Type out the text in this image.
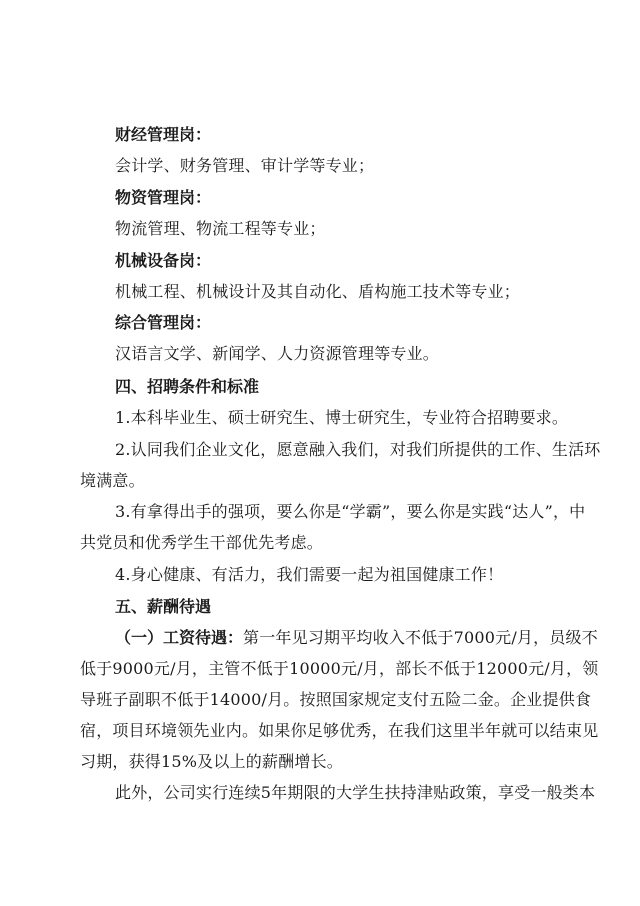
财经管理岗：
会计学、财务管理、审计学等专业；
物资管理岗：
物流管理、物流工程等专业；
机械设备岗：
机械工程、机械设计及其自动化、盾构施工技术等专业；
综合管理岗：
汉语言文学、新闻学、人力资源管理等专业。
四、招聘条件和标准
1.本科毕业生、硕士研究生、博士研究生，专业符合招聘要求。
2.认同我们企业文化，愿意融入我们，对我们所提供的工作、生活环
境满意。
3.有拿得出手的强项，要么你是“学霸”，要么你是实践“达人”，中
共党员和优秀学生干部优先考虑。
4.身心健康、有活力，我们需要一起为祖国健康工作！
五、薪酬待遇
（一）工资待遇：第一年见习期平均收入不低于7000元/月，员级不
低于9000元/月，主管不低于10000元/月，部长不低于12000元/月，领
导班子副职不低于14000/月。按照国家规定支付五险二金。企业提供食
宿，项目环境领先业内。如果你足够优秀，在我们这里半年就可以结束见
习期，获得15%及以上的薪酬增长。
此外，公司实行连续5年期限的大学生扶持津贴政策，享受一般类本
